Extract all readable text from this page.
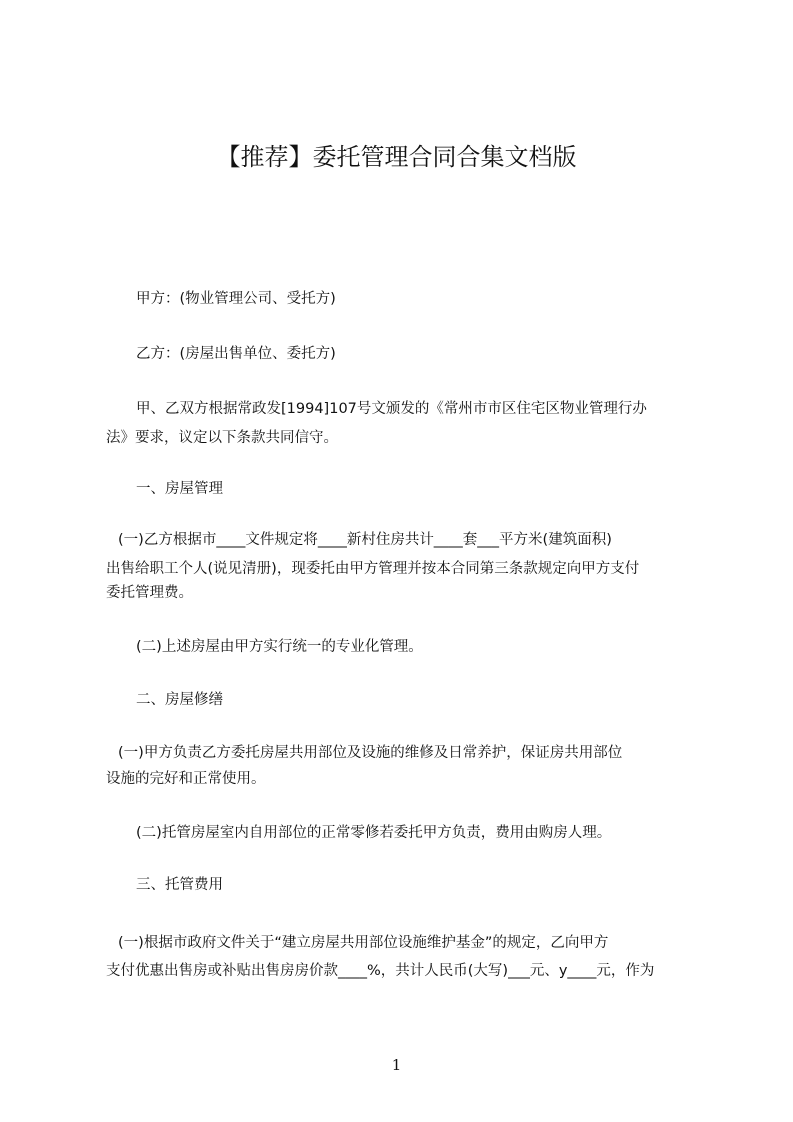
【推荐】委托管理合同合集文档版

甲方：(物业管理公司、受托方)

乙方：(房屋出售单位、委托方)

甲、乙双方根据常政发[1994]107号文颁发的《常州市市区住宅区物业管理行办

法》要求，议定以下条款共同信守。

一、房屋管理

(一)乙方根据市____文件规定将____新村住房共计____套___平方米(建筑面积)

出售给职工个人(说见清册)，现委托由甲方管理并按本合同第三条款规定向甲方支付

委托管理费。

(二)上述房屋由甲方实行统一的专业化管理。

二、房屋修缮

(一)甲方负责乙方委托房屋共用部位及设施的维修及日常养护，保证房共用部位

设施的完好和正常使用。

(二)托管房屋室内自用部位的正常零修若委托甲方负责，费用由购房人理。

三、托管费用

(一)根据市政府文件关于“建立房屋共用部位设施维护基金”的规定，乙向甲方

支付优惠出售房或补贴出售房房价款____%，共计人民币(大写)___元、y____元，作为

1
